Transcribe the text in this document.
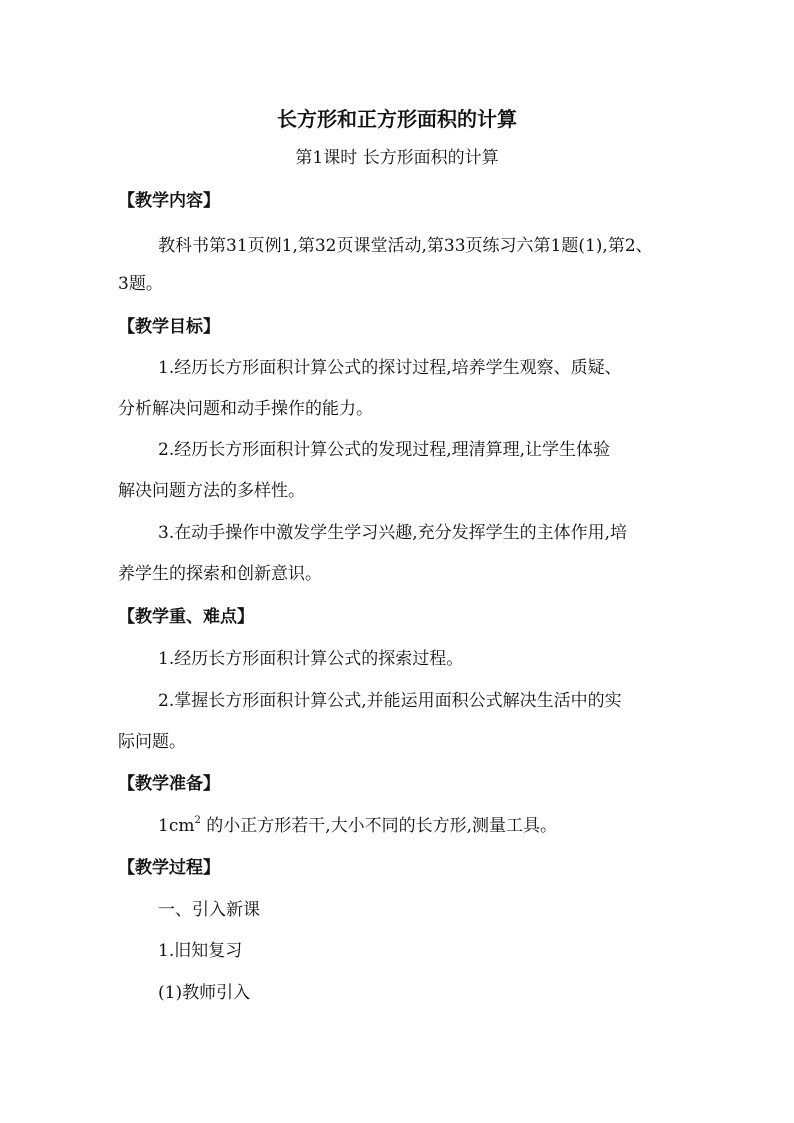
长方形和正方形面积的计算
第1课时 长方形面积的计算
【教学内容】
教科书第31页例1,第32页课堂活动,第33页练习六第1题(1),第2、
3题。
【教学目标】
1.经历长方形面积计算公式的探讨过程,培养学生观察、质疑、
分析解决问题和动手操作的能力。
2.经历长方形面积计算公式的发现过程,理清算理,让学生体验
解决问题方法的多样性。
3.在动手操作中激发学生学习兴趣,充分发挥学生的主体作用,培
养学生的探索和创新意识。
【教学重、难点】
1.经历长方形面积计算公式的探索过程。
2.掌握长方形面积计算公式,并能运用面积公式解决生活中的实
际问题。
【教学准备】
$1cm^2$ 的小正方形若干,大小不同的长方形,测量工具。
【教学过程】
一、引入新课
1.旧知复习
(1)教师引入
